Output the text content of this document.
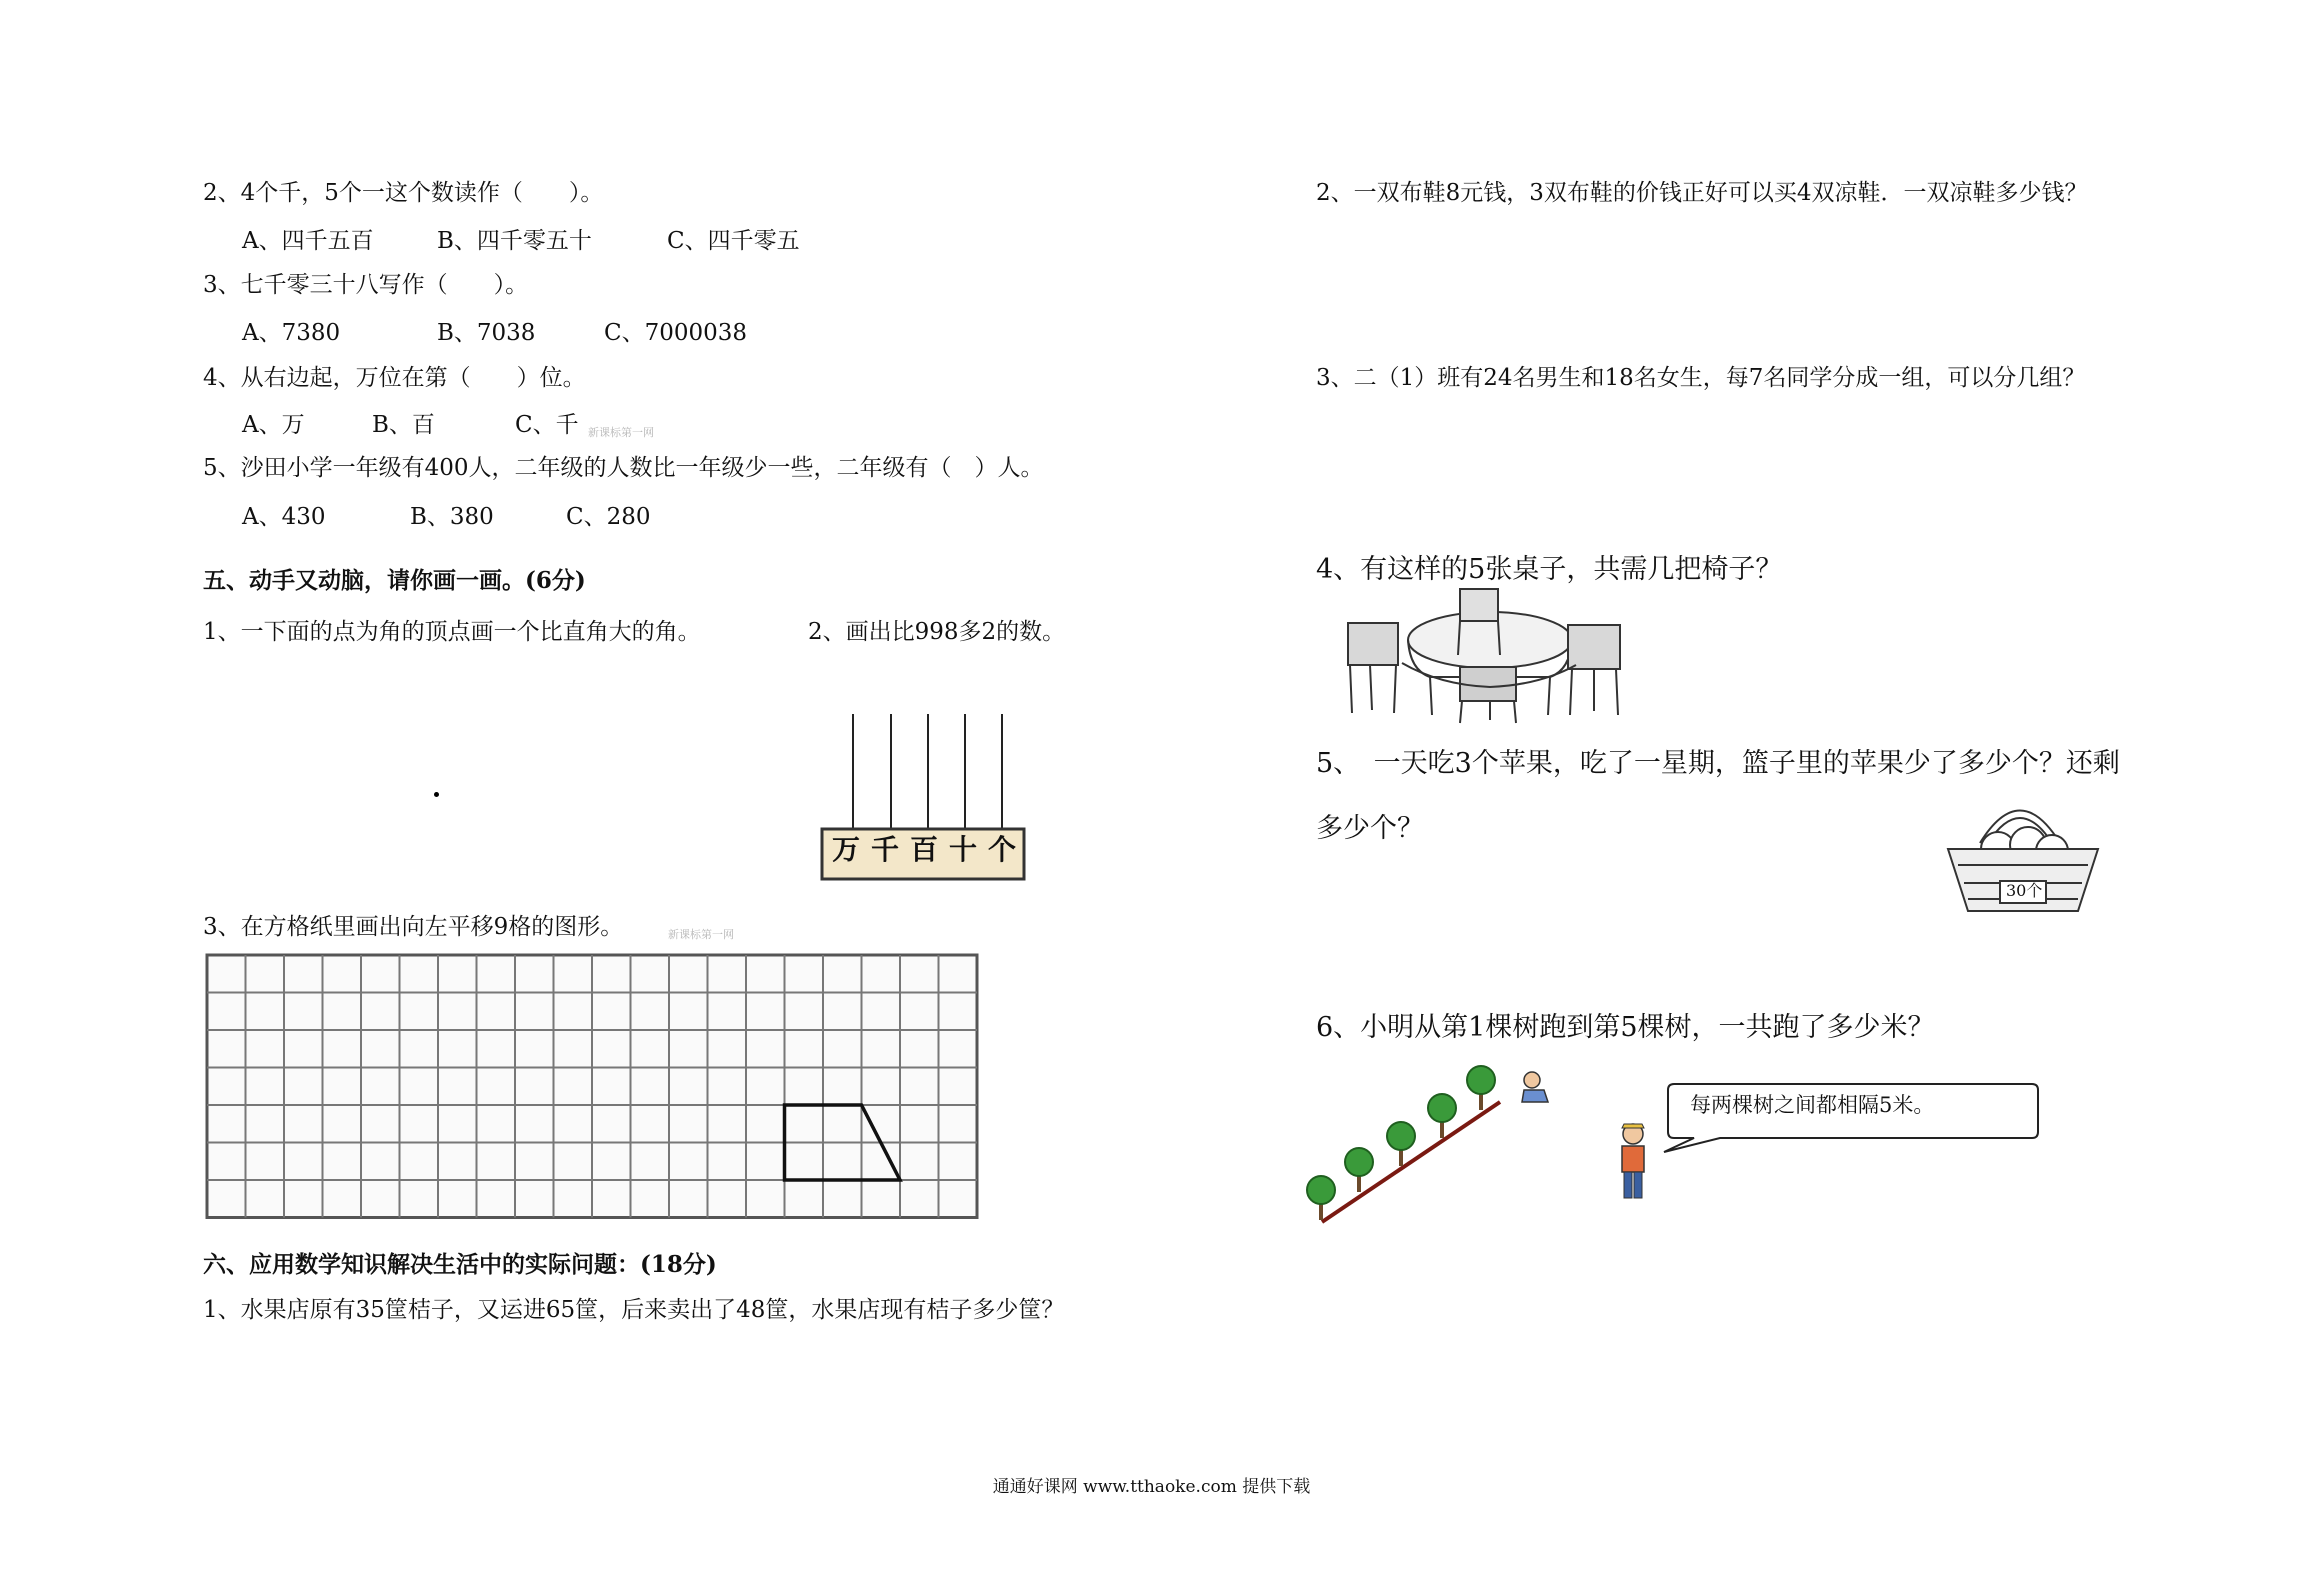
2、4个千，5个一这个数读作（　　）。
A、四千五百	B、四千零五十	C、四千零五
3、七千零三十八写作（　　）。
A、7380	B、7038	C、7000038
4、从右边起，万位在第（　　）位。
A、万	B、百	C、千 新课标第一网
5、沙田小学一年级有400人，二年级的人数比一年级少一些，二年级有（　）人。
A、430	B、380	C、280
五、动手又动脑，请你画一画。(6分)
1、一下面的点为角的顶点画一个比直角大的角。	2、画出比998多2的数。
万千百十个
3、在方格纸里画出向左平移9格的图形。	新课标第一网
六、应用数学知识解决生活中的实际问题：(18分)
1、水果店原有35筐桔子，又运进65筐，后来卖出了48筐，水果店现有桔子多少筐？
2、一双布鞋8元钱，3双布鞋的价钱正好可以买4双凉鞋．一双凉鞋多少钱？
3、二（1）班有24名男生和18名女生，每7名同学分成一组，可以分几组？
4、有这样的5张桌子，共需几把椅子？
5、　一天吃3个苹果，吃了一星期，篮子里的苹果少了多少个？还剩
多少个？
30个
6、小明从第1棵树跑到第5棵树，一共跑了多少米？
每两棵树之间都相隔5米。
通通好课网 www.tthaoke.com 提供下载
